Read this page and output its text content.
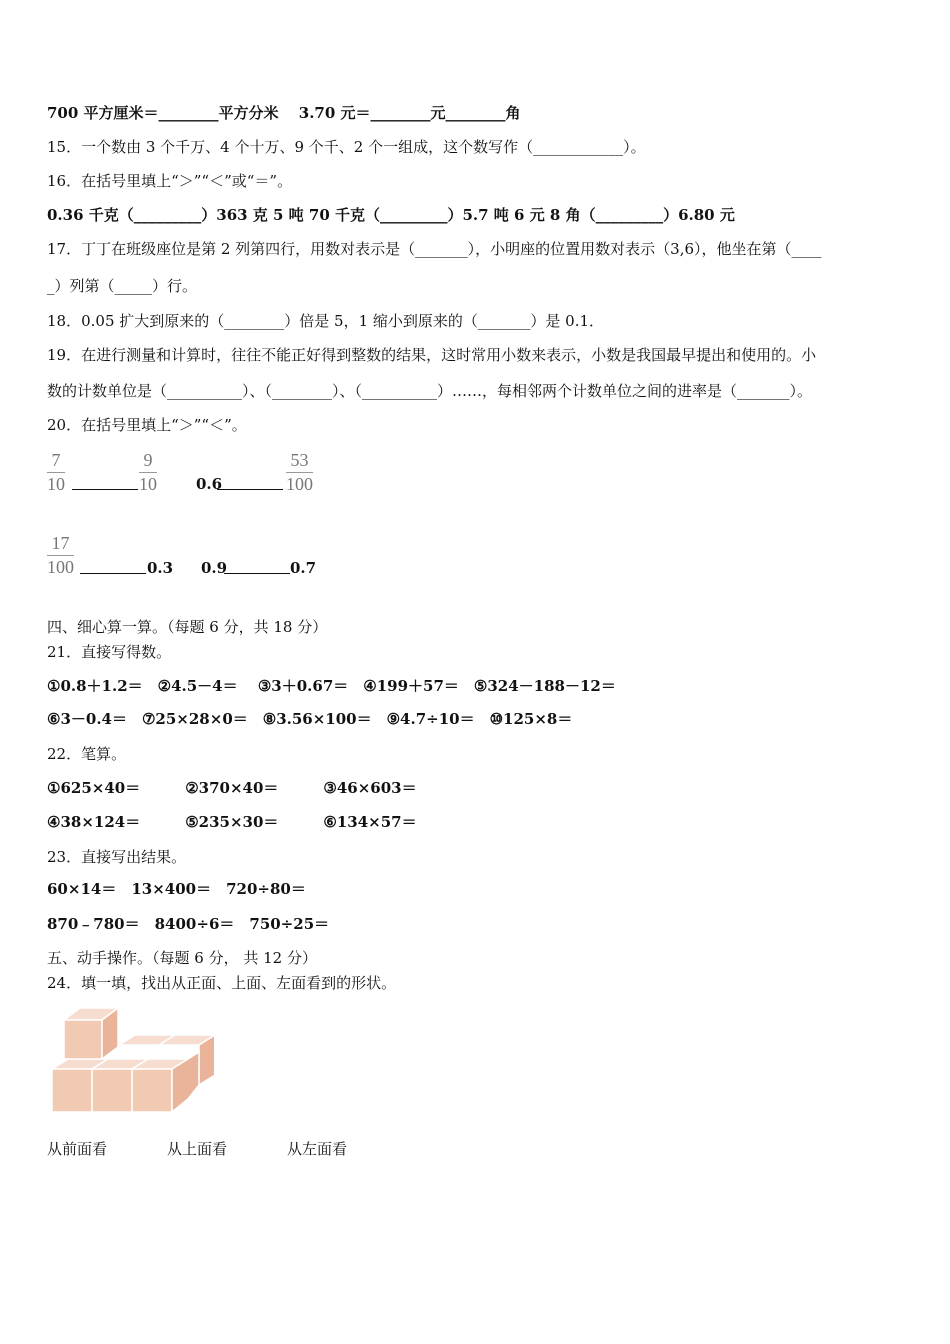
700 平方厘米＝________平方分米　 3.70 元＝________元________角
15．一个数由 3 个千万、4 个十万、9 个千、2 个一组成，这个数写作（____________）。
16．在括号里填上“＞”“＜”或“＝”。
0.36 千克（_________）363 克 5 吨 70 千克（_________）5.7 吨 6 元 8 角（_________）6.80 元
17．丁丁在班级座位是第 2 列第四行，用数对表示是（_______），小明座的位置用数对表示（3,6），他坐在第（____
_）列第（_____）行。
18．0.05 扩大到原来的（________）倍是 5，1 缩小到原来的（_______）是 0.1．
19．在进行测量和计算时，往往不能正好得到整数的结果，这时常用小数来表示，小数是我国最早提出和使用的。小
数的计数单位是（__________）、（________）、（__________）……，每相邻两个计数单位之间的进率是（_______）。
20．在括号里填上“＞”“＜”。
7
10
9
10	0.6
53
100
17
100	0.3 0.9	0.7
四、细心算一算。（每题 6 分，共 18 分）
21．直接写得数。
①0.8＋1.2＝　②4.5－4＝　 ③3＋0.67＝　④199＋57＝　⑤324－188－12＝
⑥3－0.4＝　⑦25×28×0＝　⑧3.56×100＝　⑨4.7÷10＝　⑩125×8＝
22．笔算。
①625×40＝　　　②370×40＝　　　③46×603＝
④38×124＝　　　⑤235×30＝　　　⑥134×57＝
23．直接写出结果。
60×14＝　13×400＝　720÷80＝
870﹣780＝　8400÷6＝　750÷25＝
五、动手操作。（每题 6 分， 共 12 分）
24．填一填，找出从正面、上面、左面看到的形状。
从前面看　　　　从上面看　　　　从左面看
